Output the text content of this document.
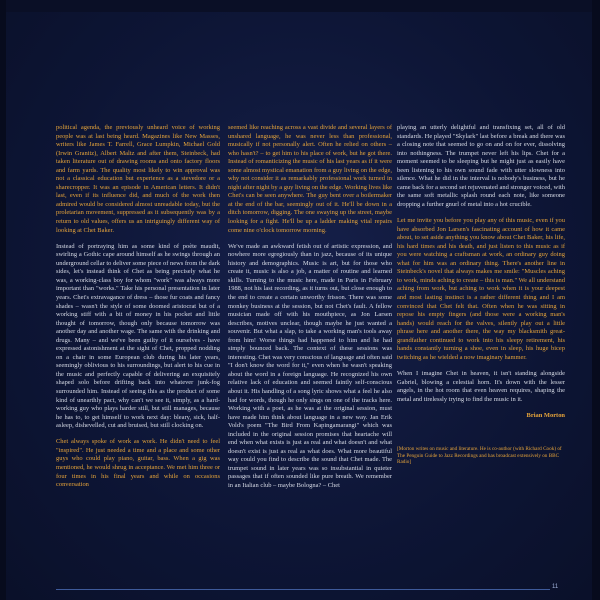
political agenda, the previously unheard voice of working people was at last being heard. Magazines like New Masses, writers like James T. Farrell, Grace Lumpkin, Michael Gold (Irwin Granitz), Albert Maltz and after them, Steinbeck, had taken literature out of drawing rooms and onto factory floors and farm yards. The quality most likely to win approval was not a classical education but experience as a stevedore or a sharecropper. It was an episode in American letters. It didn't last, even if its influence did, and much of the work then admired would be considered almost unreadable today, but the proletarian movement, suppressed as it subsequently was by a return to old values, offers us an intriguingly different way of looking at Chet Baker.

Instead of portraying him as some kind of poète maudit, swirling a Gothic cape around himself as he swings through an underground cellar to deliver some piece of news from the dark sides, let's instead think of Chet as being precisely what he was, a working-class boy for whom "work" was always more important than "works." Take his personal presentation in later years. Chet's extravagance of dress – those fur coats and fancy shades – wasn't the style of some doomed aristocrat but of a working stiff with a bit of money in his pocket and little thought of tomorrow, though only because tomorrow was another day and another wage. The same with the drinking and drugs. Many – and we've been guilty of it ourselves - have expressed astonishment at the sight of Chet, propped nodding on a chair in some European club during his later years, seemingly oblivious to his surroundings, but alert to his cue in the music and perfectly capable of delivering an exquisitely shaped solo before drifting back into whatever junk-fog surrounded him. Instead of seeing this as the product of some kind of unearthly pact, why can't we see it, simply, as a hard-working guy who plays harder still, but still manages, because he has to, to get himself to work next day: bleary, sick, half-asleep, dishevelled, cut and bruised, but still clocking on.

Chet always spoke of work as work. He didn't need to feel "inspired". He just needed a time and a place and some other guys who could play piano, guitar, bass. When a gig was mentioned, he would shrug in acceptance. We met him three or four times in his final years and while on occasions conversation

seemed like reaching across a vast divide and several layers of unshared language, he was never less than professional, musically if not personally alert. Often he relied on others – who hasn't? – to get him to his place of work, but he got there. Instead of romanticizing the music of his last years as if it were some almost mystical emanation from a guy living on the edge, why not consider it as remarkably professional work turned in night after night by a guy living on the edge. Working lives like Chet's can be seen anywhere. The guy bent over a boilermaker at the end of the bar, seemingly out of it. He'll be down in a ditch tomorrow, digging. The one swaying up the street, maybe looking for a fight. He'll be up a ladder making vital repairs come nine o'clock tomorrow morning.

We've made an awkward fetish out of artistic expression, and nowhere more egregiously than in jazz, because of its unique history and demographics. Music is art, but for those who create it, music is also a job, a matter of routine and learned skills. Turning to the music here, made in Paris in February 1988, not his last recording, as it turns out, but close enough to the end to create a certain unworthy frisson. There was some monkey business at the session, but not Chet's fault. A fellow musician made off with his mouthpiece, as Jon Larsen describes, motives unclear, though maybe he just wanted a souvenir. But what a slap, to take a working man's tools away from him! Worse things had happened to him and he had simply bounced back. The context of these sessions was interesting. Chet was very conscious of language and often said "I don't know the word for it," even when he wasn't speaking about the word in a foreign language. He recognized his own relative lack of education and seemed faintly self-conscious about it. His handling of a song lyric shows what a feel he also had for words, though he only sings on one of the tracks here. Working with a poet, as he was at the original session, must have made him think about language in a new way. Jan Erik Vold's poem "The Bird From Kapingamarangi" which was included in the original session promises that heartache will end when what exists is just as real and what doesn't and what doesn't exist is just as real as what does. What more beautiful way could you find to describe the sound that Chet made. The trumpet sound in later years was so insubstantial in quieter passages that if often sounded like pure breath. We remember in an Italian club – maybe Bologna? – Chet

playing an utterly delightful and transfixing set, all of old standards. He played "Skylark" last before a break and there was a closing note that seemed to go on and on for ever, dissolving into nothingness. The trumpet never left his lips. Chet for a moment seemed to be sleeping but he might just as easily have been listening to his own sound fade with utter slowness into silence. What he did in the interval is nobody's business, but he came back for a second set rejuvenated and stronger voiced, with the same soft metallic splash round each note, like someone dropping a further gnurl of metal into a hot crucible.

Let me invite you before you play any of this music, even if you have absorbed Jon Larsen's fascinating account of how it came about, to set aside anything you know about Chet Baker, his life, his hard times and his death, and just listen to this music as if you were watching a craftsman at work, an ordinary guy doing what for him was an ordinary thing. There's another line in Steinbeck's novel that always makes me smile: "Muscles aching to work, minds aching to create – this is man." We all understand aching from work, but aching to work when it is your deepest and most lasting instinct is a rather different thing and I am convinced that Chet felt that. Often when he was sitting in repose his empty fingers (and those were a working man's hands) would reach for the valves, silently play out a little phrase here and another there, the way my blacksmith great-grandfather continued to work into his sleepy retirement, his hands constantly turning a shoe, even in sleep, his huge bicep twitching as he wielded a now imaginary hammer.

When I imagine Chet in heaven, it isn't standing alongside Gabriel, blowing a celestial horn. It's down with the lesser angels, in the hot room that even heaven requires, shaping the metal and tirelessly trying to find the music in it.

Brian Morton

[Morton writes on music and literature. He is co-author (with Richard Cook) of The Penguin Guide to Jazz Recordings and has broadcast extensively on BBC Radio]

11
